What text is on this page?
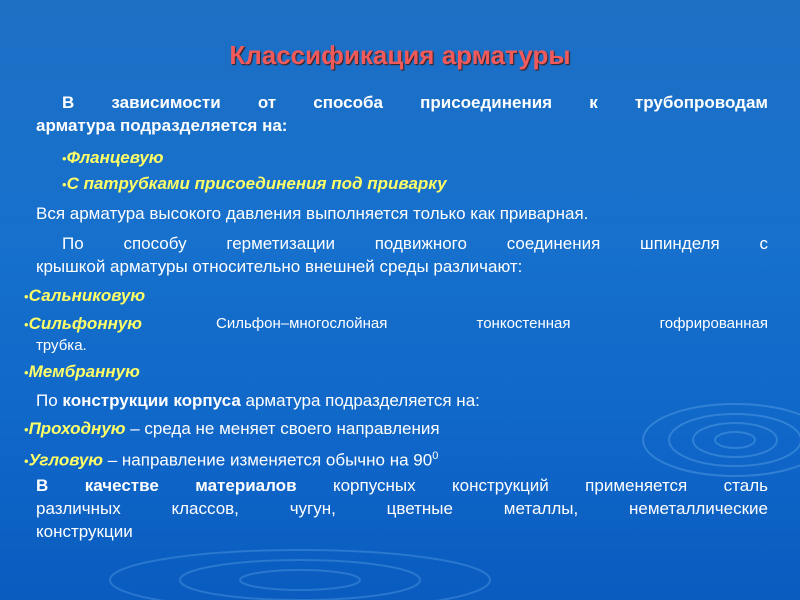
Классификация арматуры
В зависимости от способа присоединения к трубопроводам
арматура подразделяется на:
•Фланцевую
•С патрубками присоединения под приварку
Вся арматура высокого давления выполняется только как приварная.
По способу герметизации подвижного соединения шпинделя с
крышкой арматуры относительно внешней среды различают:
•Сальниковую
•Сильфонную	Сильфон–многослойная тонкостенная гофрированная
трубка.
•Мембранную
По конструкции корпуса арматура подразделяется на:
•Проходную – среда не меняет своего направления
•Угловую – направление изменяется обычно на $90^0$
В качестве материалов корпусных конструкций применяется сталь
различных классов, чугун, цветные металлы, неметаллические
конструкции
